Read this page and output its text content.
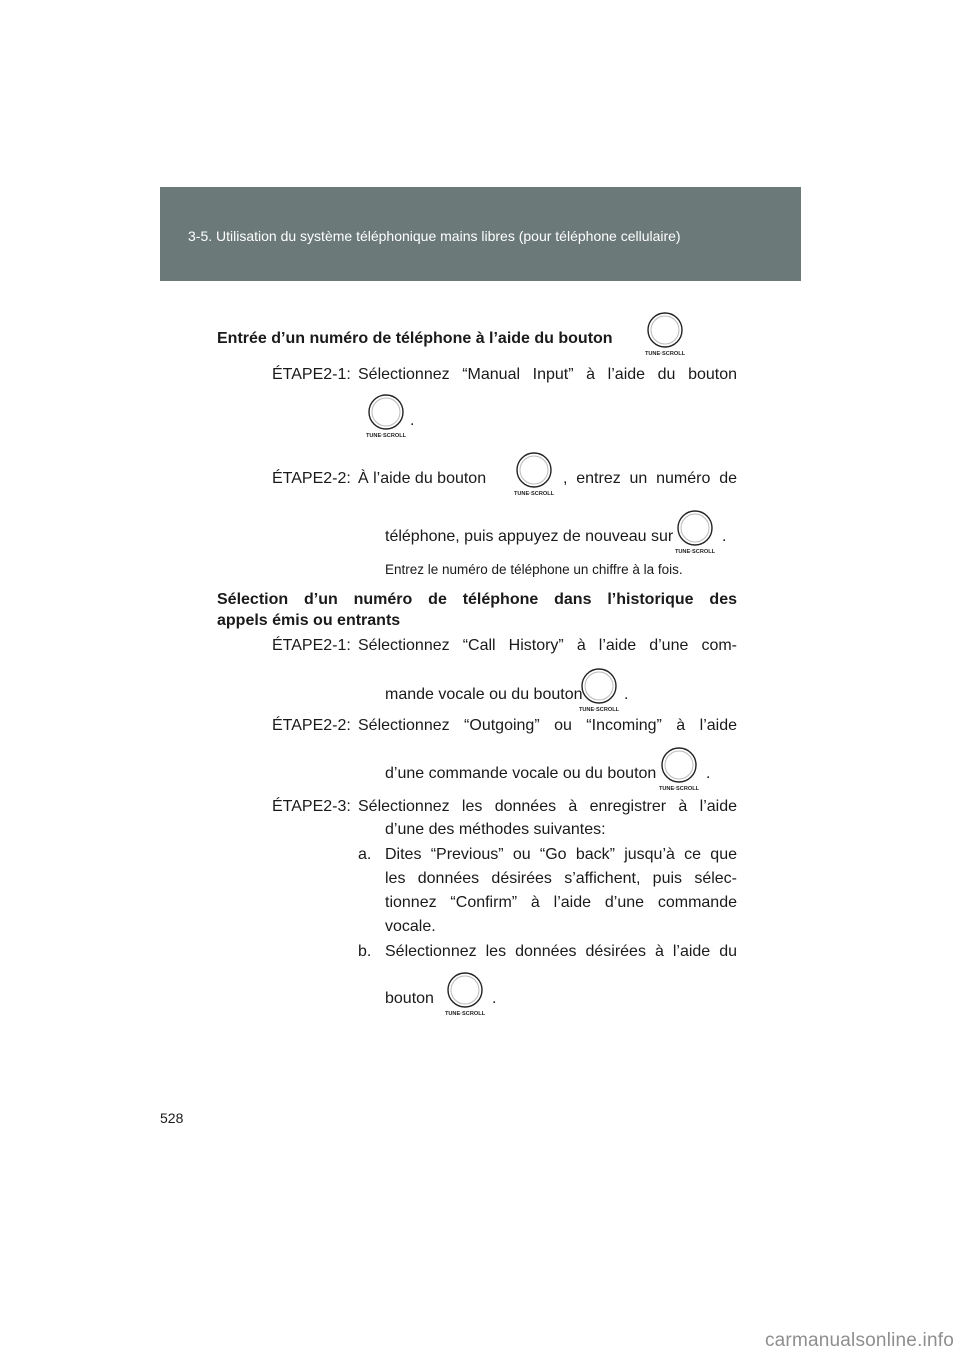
3-5. Utilisation du système téléphonique mains libres (pour téléphone cellulaire)
Entrée d’un numéro de téléphone à l’aide du bouton
TUNE·SCROLL
ÉTAPE2-1: Sélectionnez “Manual Input” à l’aide du bouton
TUNE·SCROLL
.
ÉTAPE2-2: À l’aide du bouton
TUNE·SCROLL
, entrez un numéro de
téléphone, puis appuyez de nouveau sur
TUNE·SCROLL
.
Entrez le numéro de téléphone un chiffre à la fois.
Sélection d’un numéro de téléphone dans l’historique des
appels émis ou entrants
ÉTAPE2-1: Sélectionnez “Call History” à l’aide d’une com-
mande vocale ou du bouton
TUNE·SCROLL
.
ÉTAPE2-2: Sélectionnez “Outgoing” ou “Incoming” à l’aide
d’une commande vocale ou du bouton
TUNE·SCROLL
.
ÉTAPE2-3: Sélectionnez les données à enregistrer à l’aide
d’une des méthodes suivantes:
a. Dites “Previous” ou “Go back” jusqu’à ce que
les données désirées s’affichent, puis sélec-
tionnez “Confirm” à l’aide d’une commande
vocale.
b. Sélectionnez les données désirées à l’aide du
bouton
TUNE·SCROLL
.
528
carmanualsonline.info
